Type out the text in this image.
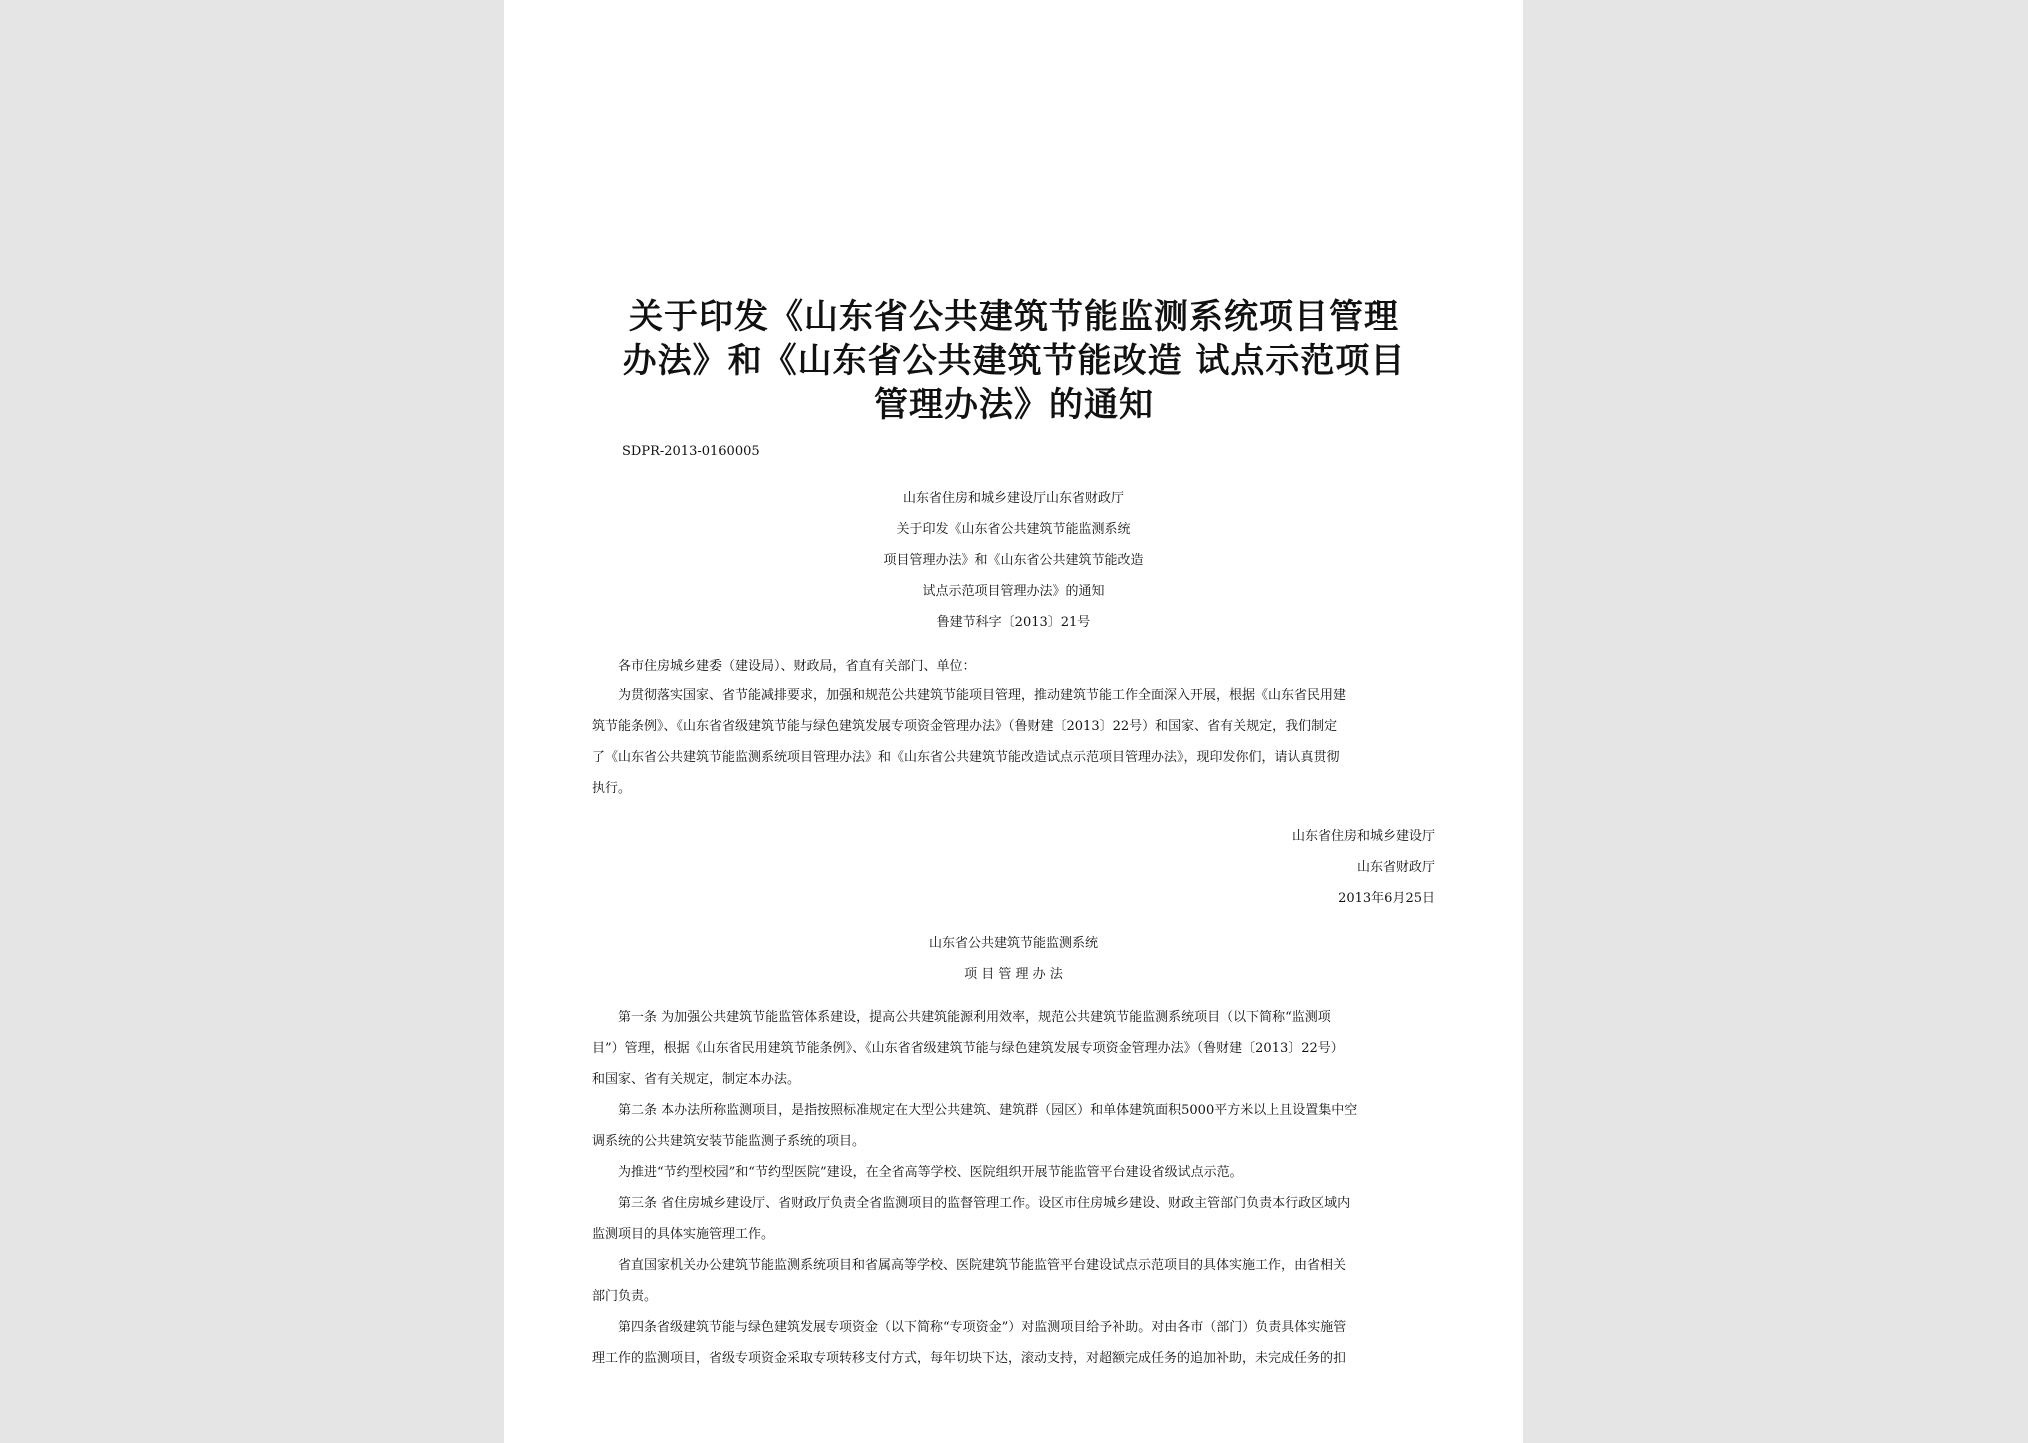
关于印发《山东省公共建筑节能监测系统项目管理
办法》和《山东省公共建筑节能改造 试点示范项目
管理办法》的通知

SDPR-2013-0160005

山东省住房和城乡建设厅山东省财政厅
关于印发《山东省公共建筑节能监测系统
项目管理办法》和《山东省公共建筑节能改造
试点示范项目管理办法》的通知
鲁建节科字〔2013〕21号
各市住房城乡建委（建设局）、财政局，省直有关部门、单位：
为贯彻落实国家、省节能减排要求，加强和规范公共建筑节能项目管理，推动建筑节能工作全面深入开展，根据《山东省民用建
筑节能条例》、《山东省省级建筑节能与绿色建筑发展专项资金管理办法》（鲁财建〔2013〕22号）和国家、省有关规定，我们制定
了《山东省公共建筑节能监测系统项目管理办法》和《山东省公共建筑节能改造试点示范项目管理办法》，现印发你们，请认真贯彻
执行。
山东省住房和城乡建设厅
山东省财政厅
2013年6月25日
山东省公共建筑节能监测系统
项 目 管 理 办 法
第一条 为加强公共建筑节能监管体系建设，提高公共建筑能源利用效率，规范公共建筑节能监测系统项目（以下简称“监测项
目”）管理，根据《山东省民用建筑节能条例》、《山东省省级建筑节能与绿色建筑发展专项资金管理办法》（鲁财建〔2013〕22号）
和国家、省有关规定，制定本办法。
第二条 本办法所称监测项目，是指按照标准规定在大型公共建筑、建筑群（园区）和单体建筑面积5000平方米以上且设置集中空
调系统的公共建筑安装节能监测子系统的项目。
为推进“节约型校园”和“节约型医院”建设，在全省高等学校、医院组织开展节能监管平台建设省级试点示范。
第三条 省住房城乡建设厅、省财政厅负责全省监测项目的监督管理工作。设区市住房城乡建设、财政主管部门负责本行政区域内
监测项目的具体实施管理工作。
省直国家机关办公建筑节能监测系统项目和省属高等学校、医院建筑节能监管平台建设试点示范项目的具体实施工作，由省相关
部门负责。
第四条省级建筑节能与绿色建筑发展专项资金（以下简称“专项资金”）对监测项目给予补助。对由各市（部门）负责具体实施管
理工作的监测项目，省级专项资金采取专项转移支付方式，每年切块下达，滚动支持，对超额完成任务的追加补助，未完成任务的扣
